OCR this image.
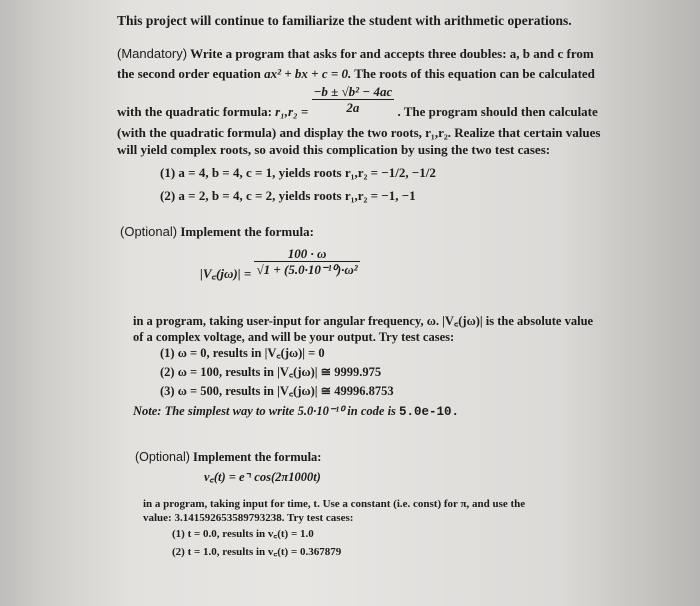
This project will continue to familiarize the student with arithmetic operations.
(Mandatory) Write a program that asks for and accepts three doubles: a, b and c from
the second order equation ax² + bx + c = 0. The roots of this equation can be calculated
with the quadratic formula: $r_1,r_2 = \frac{\text{−b ± √b² − 4ac}}{2a}$ . The program should then calculate
(with the quadratic formula) and display the two roots, r₁,r₂. Realize that certain values
will yield complex roots, so avoid this complication by using the two test cases:
(1) a = 4, b = 4, c = 1, yields roots r₁,r₂ = −1/2, −1/2
(2) a = 2, b = 4, c = 2, yields roots r₁,r₂ = −1, −1
(Optional) Implement the formula:
|V꜀(jω)| = $\frac{100 \cdot \omega}{\text{√1 + (5.0·10⁻¹⁰)·ω²}}$
in a program, taking user-input for angular frequency, ω. |V꜀(jω)| is the absolute value
of a complex voltage, and will be your output. Try test cases:
(1) ω = 0, results in |V꜀(jω)| = 0
(2) ω = 100, results in |V꜀(jω)| ≅ 9999.975
(3) ω = 500, results in |V꜀(jω)| ≅ 49996.8753
Note: The simplest way to write 5.0·10⁻¹⁰ in code is 5.0e-10.
(Optional) Implement the formula:
v꜀(t) = e⁻ᵗ cos(2π1000t)
in a program, taking input for time, t. Use a constant (i.e. const) for π, and use the
value: 3.141592653589793238. Try test cases:
(1) t = 0.0, results in v꜀(t) = 1.0
(2) t = 1.0, results in v꜀(t) = 0.367879
